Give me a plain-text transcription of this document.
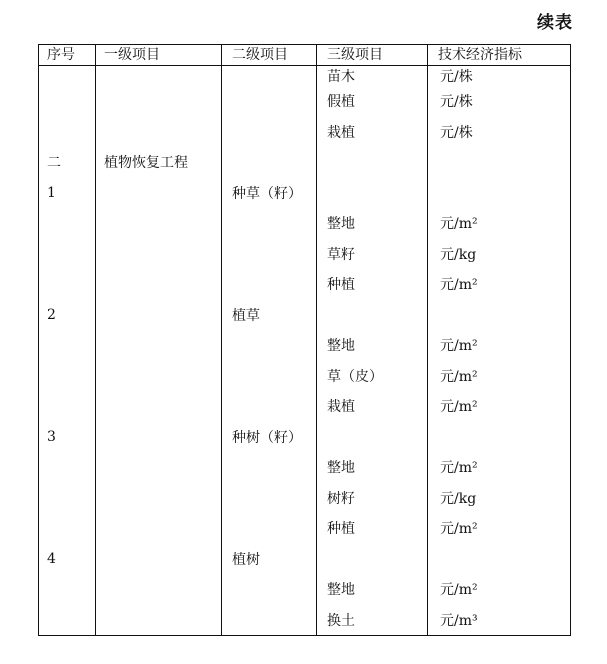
续表
序号	一级项目	二级项目	三级项目	技术经济指标
			苗木	元/株
			假植	元/株
			栽植	元/株
二	植物恢复工程			
1		种草（籽）		
			整地	元/m²
			草籽	元/kg
			种植	元/m²
2		植草		
			整地	元/m²
			草（皮）	元/m²
			栽植	元/m²
3		种树（籽）		
			整地	元/m²
			树籽	元/kg
			种植	元/m²
4		植树		
			整地	元/m²
			换土	元/m³
